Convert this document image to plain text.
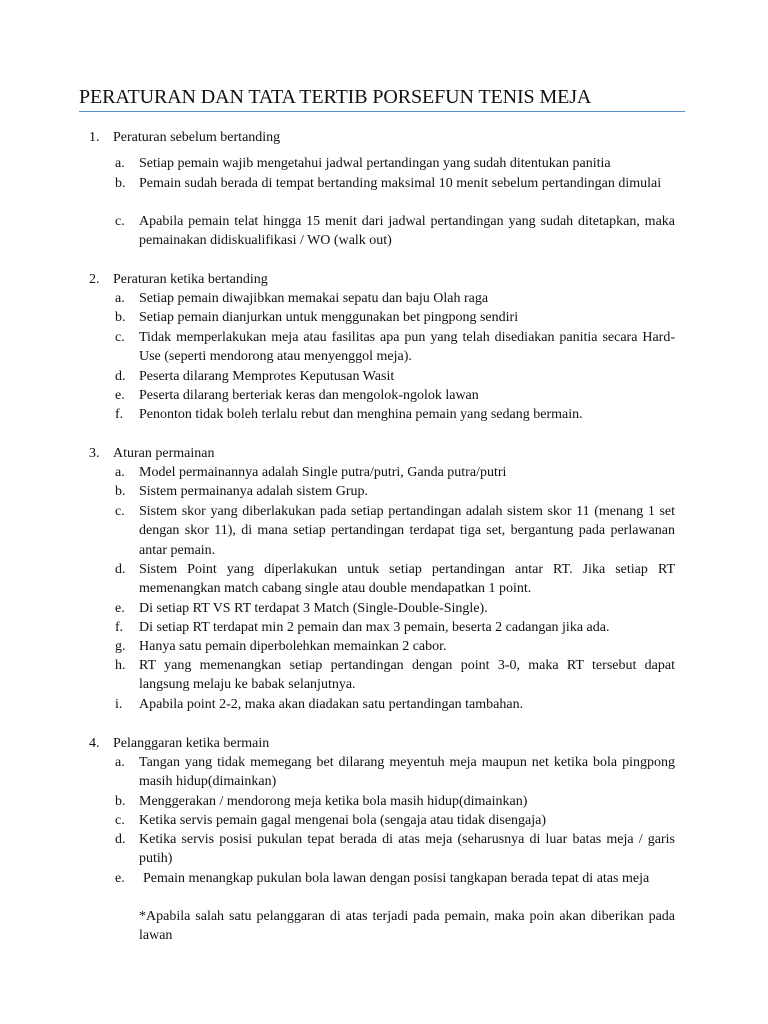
PERATURAN DAN TATA TERTIB PORSEFUN TENIS MEJA
1. Peraturan sebelum bertanding
a.	Setiap pemain wajib mengetahui jadwal pertandingan yang sudah ditentukan panitia
b. Pemain sudah berada di tempat bertanding maksimal 10 menit sebelum pertandingan dimulai
c.	Apabila pemain telat hingga 15 menit dari jadwal pertandingan yang sudah ditetapkan, maka pemainakan didiskualifikasi / WO (walk out)
2. Peraturan ketika bertanding
a.	Setiap pemain diwajibkan memakai sepatu dan baju Olah raga
b. Setiap pemain dianjurkan untuk menggunakan bet pingpong sendiri
c.	Tidak memperlakukan meja atau fasilitas apa pun yang telah disediakan panitia secara Hard-Use (seperti mendorong atau menyenggol meja).
d. Peserta dilarang Memprotes Keputusan Wasit
e.	Peserta dilarang berteriak keras dan mengolok-ngolok lawan
f.	Penonton tidak boleh terlalu rebut dan menghina pemain yang sedang bermain.
3. Aturan permainan
a.	Model permainannya adalah Single putra/putri, Ganda putra/putri
b. Sistem permainanya adalah sistem Grup.
c.	Sistem skor yang diberlakukan pada setiap pertandingan adalah sistem skor 11 (menang 1 set dengan skor 11), di mana setiap pertandingan terdapat tiga set, bergantung pada perlawanan antar pemain.
d. Sistem Point yang diperlakukan untuk setiap pertandingan antar RT. Jika setiap RT memenangkan match cabang single atau double mendapatkan 1 point.
e.	Di setiap RT VS RT terdapat 3 Match (Single-Double-Single).
f.	Di setiap RT terdapat min 2 pemain dan max 3 pemain, beserta 2 cadangan jika ada.
g. Hanya satu pemain diperbolehkan memainkan 2 cabor.
h. RT yang memenangkan setiap pertandingan dengan point 3-0, maka RT tersebut dapat langsung melaju ke babak selanjutnya.
i.	Apabila point 2-2, maka akan diadakan satu pertandingan tambahan.
4. Pelanggaran ketika bermain
a.	Tangan yang tidak memegang bet dilarang meyentuh meja maupun net ketika bola pingpong masih hidup(dimainkan)
b. Menggerakan / mendorong meja ketika bola masih hidup(dimainkan)
c.	Ketika servis pemain gagal mengenai bola (sengaja atau tidak disengaja)
d. Ketika servis posisi pukulan tepat berada di atas meja (seharusnya di luar batas meja / garis putih)
e.	Pemain menangkap pukulan bola lawan dengan posisi tangkapan berada tepat di atas meja
*Apabila salah satu pelanggaran di atas terjadi pada pemain, maka poin akan diberikan pada lawan
